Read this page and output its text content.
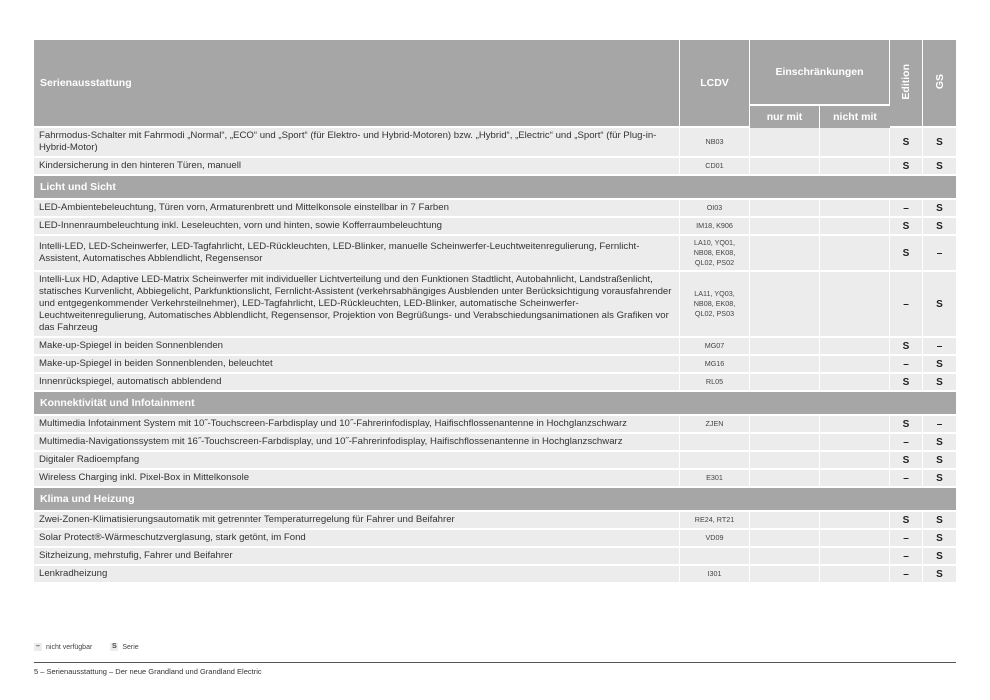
Serienausstattung	LCDV	Einschränkungen		Edition	GS
		nur mit	nicht mit		
Fahrmodus-Schalter mit Fahrmodi „Normal“, „ECO“ und „Sport“ (für Elektro- und Hybrid-Motoren) bzw. „Hybrid“, „Electric“ und „Sport“ (für Plug-in-Hybrid-Motor)	NB03			S	S
Kindersicherung in den hinteren Türen, manuell	CD01			S	S
Licht und Sicht					
LED-Ambientebeleuchtung, Türen vorn, Armaturenbrett und Mittelkonsole einstellbar in 7 Farben	OI03			–	S
LED-Innenraumbeleuchtung inkl. Leseleuchten, vorn und hinten, sowie Kofferraumbeleuchtung	IM18, K906			S	S
Intelli-LED, LED-Scheinwerfer, LED-Tagfahrlicht, LED-Rückleuchten, LED-Blinker, manuelle Scheinwerfer-Leuchtweitenregulierung, Fernlicht-Assistent, Automatisches Abblendlicht, Regensensor	LA10, YQ01, NB08, EK08, QL02, PS02			S	–
Intelli-Lux HD, Adaptive LED-Matrix Scheinwerfer mit individueller Lichtverteilung und den Funktionen Stadtlicht, Autobahnlicht, Landstraßenlicht, statisches Kurvenlicht, Abbiegelicht, Parkfunktionslicht, Fernlicht-Assistent (verkehrsabhängiges Ausblenden unter Berücksichtigung vorausfahrender und entgegenkommender Verkehrsteilnehmer), LED-Tagfahrlicht, LED-Rückleuchten, LED-Blinker, automatische Scheinwerfer-Leuchtweitenregulierung, Automatisches Abblendlicht, Regensensor, Projektion von Begrüßungs- und Verabschiedungsanimationen als Grafiken vor das Fahrzeug	LA11, YQ03, NB08, EK08, QL02, PS03			–	S
Make-up-Spiegel in beiden Sonnenblenden	MG07			S	–
Make-up-Spiegel in beiden Sonnenblenden, beleuchtet	MG16			–	S
Innenrückspiegel, automatisch abblendend	RL05			S	S
Konnektivität und Infotainment					
Multimedia Infotainment System mit 10˝-Touchscreen-Farbdisplay und 10˝-Fahrerinfodisplay, Haifischflossenantenne in Hochglanzschwarz	ZJEN			S	–
Multimedia-Navigationssystem mit 16˝-Touchscreen-Farbdisplay, und 10˝-Fahrerinfodisplay, Haifischflossenantenne in Hochglanzschwarz				–	S
Digitaler Radioempfang				S	S
Wireless Charging inkl. Pixel-Box in Mittelkonsole	E301			–	S
Klima und Heizung					
Zwei-Zonen-Klimatisierungsautomatik mit getrennter Temperaturregelung für Fahrer und Beifahrer	RE24, RT21			S	S
Solar Protect®-Wärmeschutzverglasung, stark getönt, im Fond	VD09			–	S
Sitzheizung, mehrstufig, Fahrer und Beifahrer				–	S
Lenkradheizung	I301			–	S
– nicht verfügbar	S Serie
5 – Serienausstattung – Der neue Grandland und Grandland Electric
